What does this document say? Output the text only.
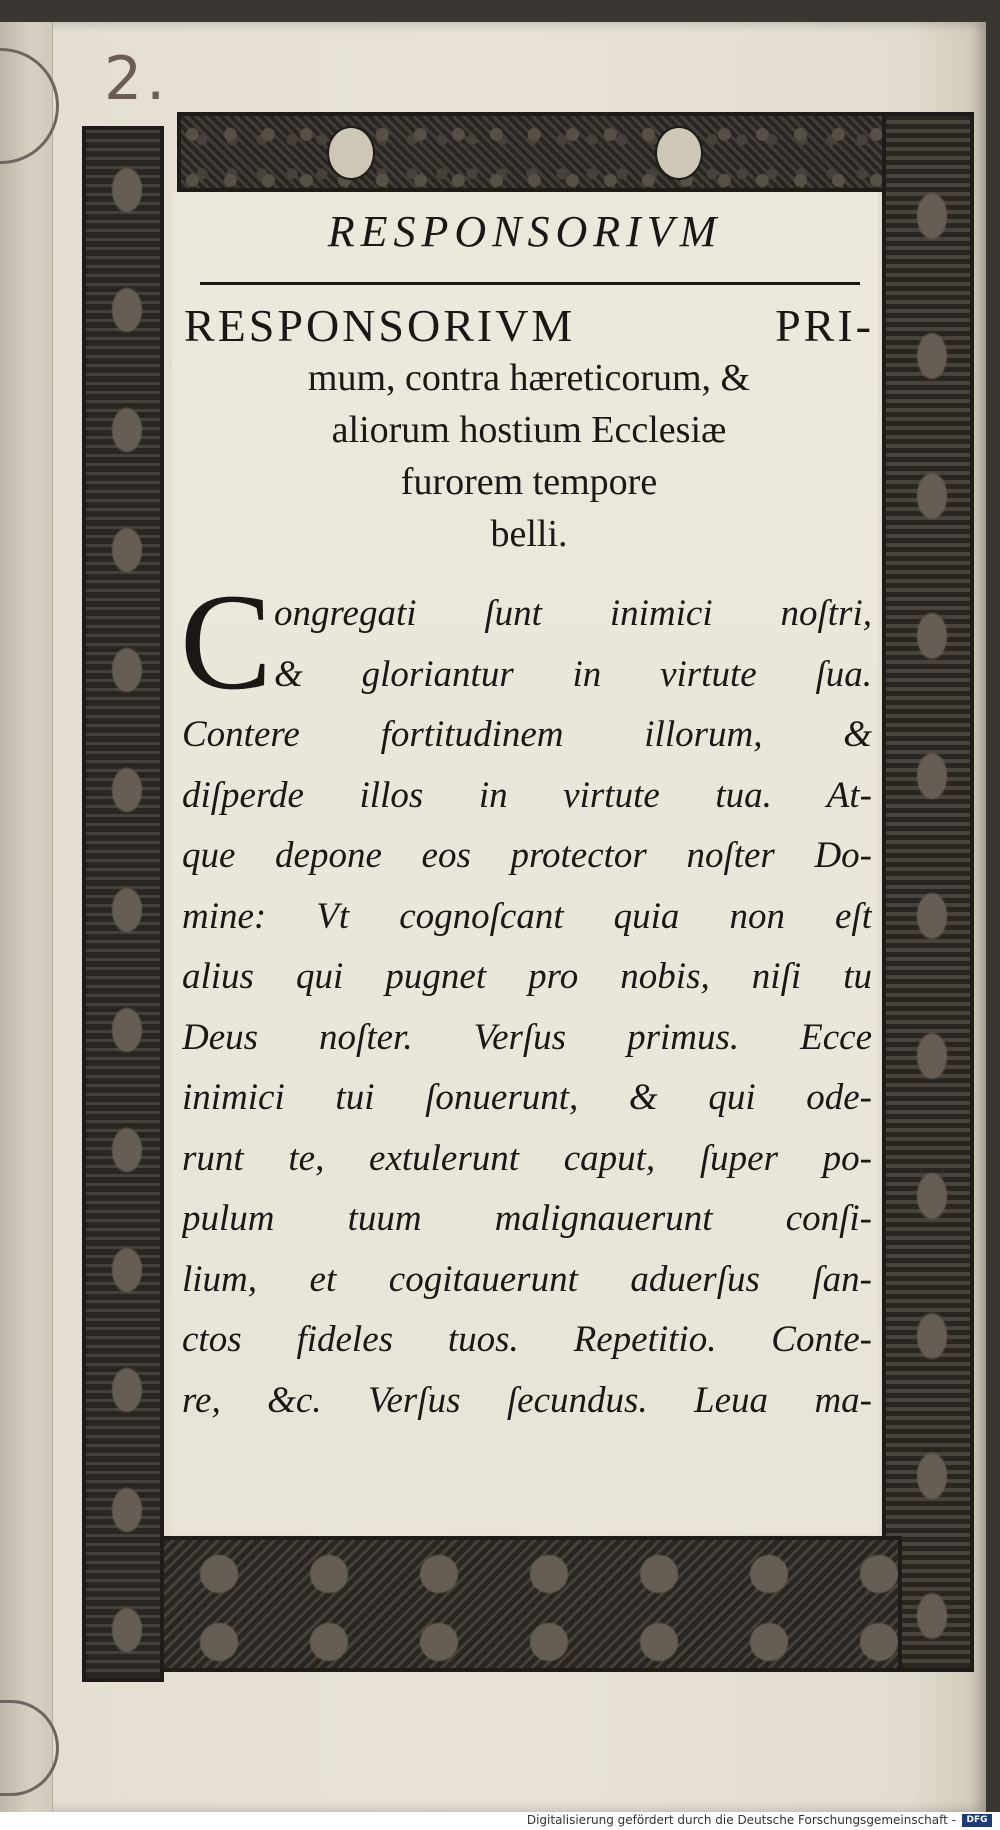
2.
RESPONSORIVM
RESPONSORIVM PRI-
mum, contra hæreticorum, &
aliorum hostium Ecclesiæ
furorem tempore
belli.
C ongregati ſunt inimici noſtri,
& gloriantur in virtute ſua.
Contere fortitudinem illorum, &
diſperde illos in virtute tua. At-
que depone eos protector noſter Do-
mine: Vt cognoſcant quia non eſt
alius qui pugnet pro nobis, niſi tu
Deus noſter. Verſus primus. Ecce
inimici tui ſonuerunt, & qui ode-
runt te, extulerunt caput, ſuper po-
pulum tuum malignauerunt conſi-
lium, et cogitauerunt aduerſus ſan-
ctos fideles tuos. Repetitio. Conte-
re, &c. Verſus ſecundus. Leua ma-
Digitalisierung gefördert durch die Deutsche Forschungsgemeinschaft -	DFG
